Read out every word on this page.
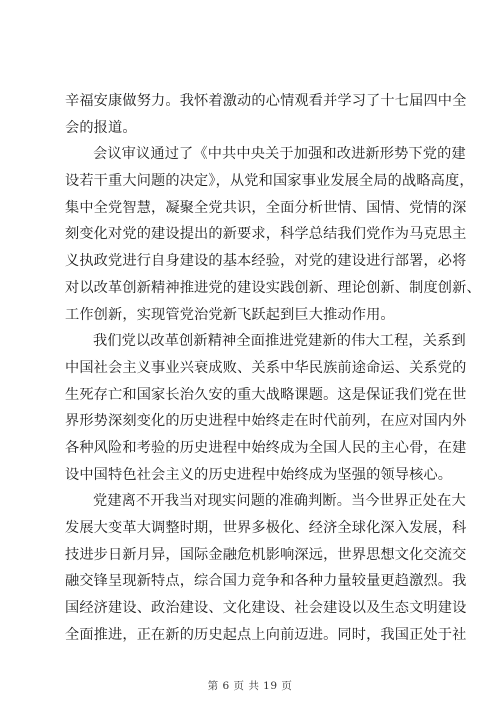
辛福安康做努力。我怀着激动的心情观看并学习了十七届四中全
会的报道。
会议审议通过了《中共中央关于加强和改进新形势下党的建
设若干重大问题的决定》，从党和国家事业发展全局的战略高度，
集中全党智慧，凝聚全党共识，全面分析世情、国情、党情的深
刻变化对党的建设提出的新要求，科学总结我们党作为马克思主
义执政党进行自身建设的基本经验，对党的建设进行部署，必将
对以改革创新精神推进党的建设实践创新、理论创新、制度创新、
工作创新，实现管党治党新飞跃起到巨大推动作用。
我们党以改革创新精神全面推进党建新的伟大工程，关系到
中国社会主义事业兴衰成败、关系中华民族前途命运、关系党的
生死存亡和国家长治久安的重大战略课题。这是保证我们党在世
界形势深刻变化的历史进程中始终走在时代前列，在应对国内外
各种风险和考验的历史进程中始终成为全国人民的主心骨，在建
设中国特色社会主义的历史进程中始终成为坚强的领导核心。
党建离不开我当对现实问题的准确判断。当今世界正处在大
发展大变革大调整时期，世界多极化、经济全球化深入发展，科
技进步日新月异，国际金融危机影响深远，世界思想文化交流交
融交锋呈现新特点，综合国力竞争和各种力量较量更趋激烈。我
国经济建设、政治建设、文化建设、社会建设以及生态文明建设
全面推进，正在新的历史起点上向前迈进。同时，我国正处于社
第 6 页 共 19 页
